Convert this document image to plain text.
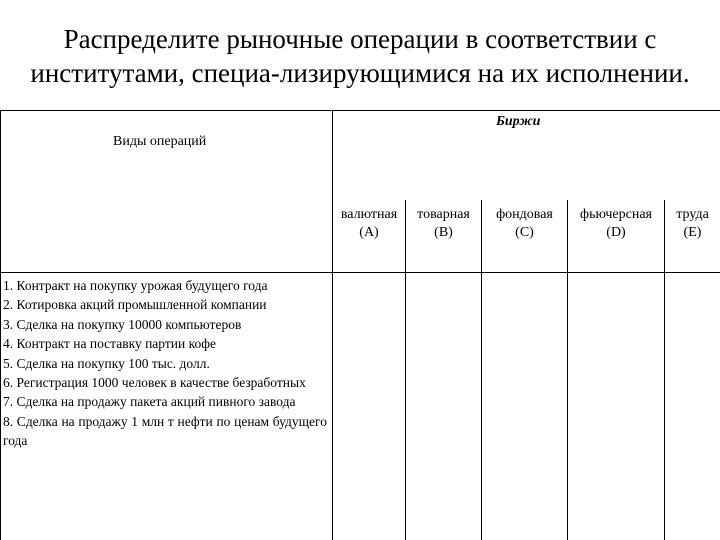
Распределите рыночные операции в соответствии с
институтами, специа-лизирующимися на их исполнении.
Виды операций
Биржи
валютная
(A)
товарная
(B)
фондовая
(C)
фьючерсная
(D)
труда
(E)
1. Контракт на покупку урожая будущего года
2. Котировка акций промышленной компании
3. Сделка на покупку 10000 компьютеров
4. Контракт на поставку партии кофе
5. Сделка на покупку 100 тыс. долл.
6. Регистрация 1000 человек в качестве безработных
7. Сделка на продажу пакета акций пивного завода
8. Сделка на продажу 1 млн т нефти по ценам будущего года
